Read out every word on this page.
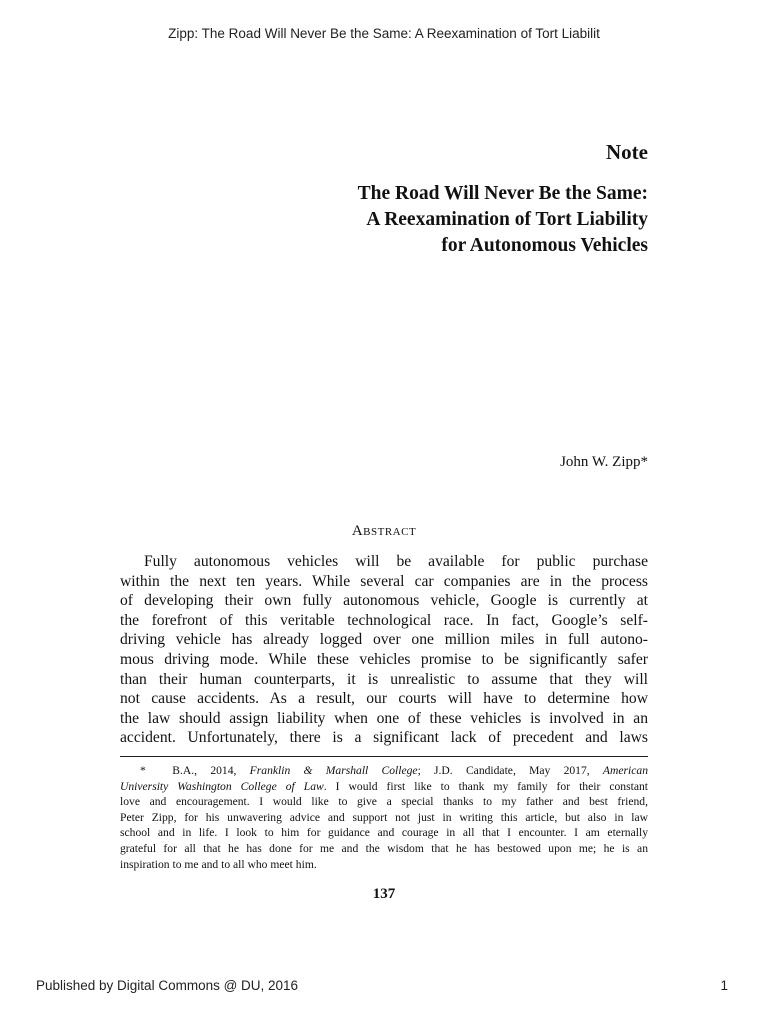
Zipp: The Road Will Never Be the Same: A Reexamination of Tort Liabilit
Note
The Road Will Never Be the Same:
A Reexamination of Tort Liability
for Autonomous Vehicles
John W. Zipp*
Abstract
Fully autonomous vehicles will be available for public purchase
within the next ten years. While several car companies are in the process
of developing their own fully autonomous vehicle, Google is currently at
the forefront of this veritable technological race. In fact, Google’s self-
driving vehicle has already logged over one million miles in full autono-
mous driving mode. While these vehicles promise to be significantly safer
than their human counterparts, it is unrealistic to assume that they will
not cause accidents. As a result, our courts will have to determine how
the law should assign liability when one of these vehicles is involved in an
accident. Unfortunately, there is a significant lack of precedent and laws
* B.A., 2014, Franklin & Marshall College; J.D. Candidate, May 2017, American
University Washington College of Law. I would first like to thank my family for their constant
love and encouragement. I would like to give a special thanks to my father and best friend,
Peter Zipp, for his unwavering advice and support not just in writing this article, but also in law
school and in life. I look to him for guidance and courage in all that I encounter. I am eternally
grateful for all that he has done for me and the wisdom that he has bestowed upon me; he is an
inspiration to me and to all who meet him.
137
Published by Digital Commons @ DU, 2016	1
